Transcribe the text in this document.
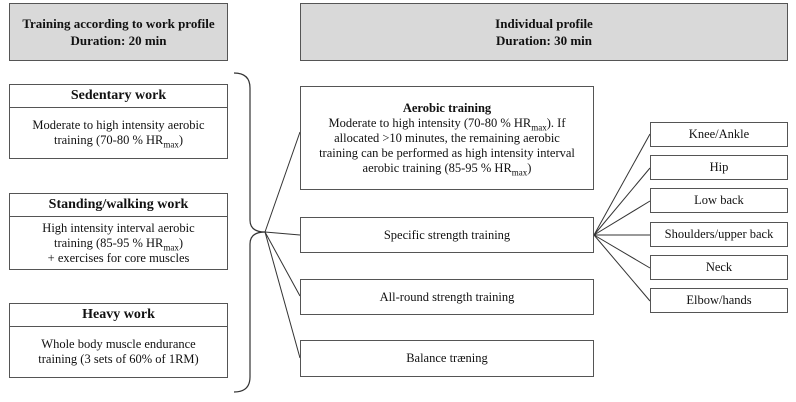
Training according to work profile
Duration: 20 min
Individual profile
Duration: 30 min
Sedentary work
Moderate to high intensity aerobic
training (70-80 % $HR_{max}$)
Standing/walking work
High intensity interval aerobic
training (85-95 % $HR_{max}$)
+ exercises for core muscles
Heavy work
Whole body muscle endurance
training (3 sets of 60% of 1RM)
Aerobic training
Moderate to high intensity (70-80 % $HR_{max}$). If
allocated >10 minutes, the remaining aerobic
training can be performed as high intensity interval
aerobic training (85-95 % $HR_{max}$)
Specific strength training
All-round strength training
Balance træning
Knee/Ankle
Hip
Low back
Shoulders/upper back
Neck
Elbow/hands
